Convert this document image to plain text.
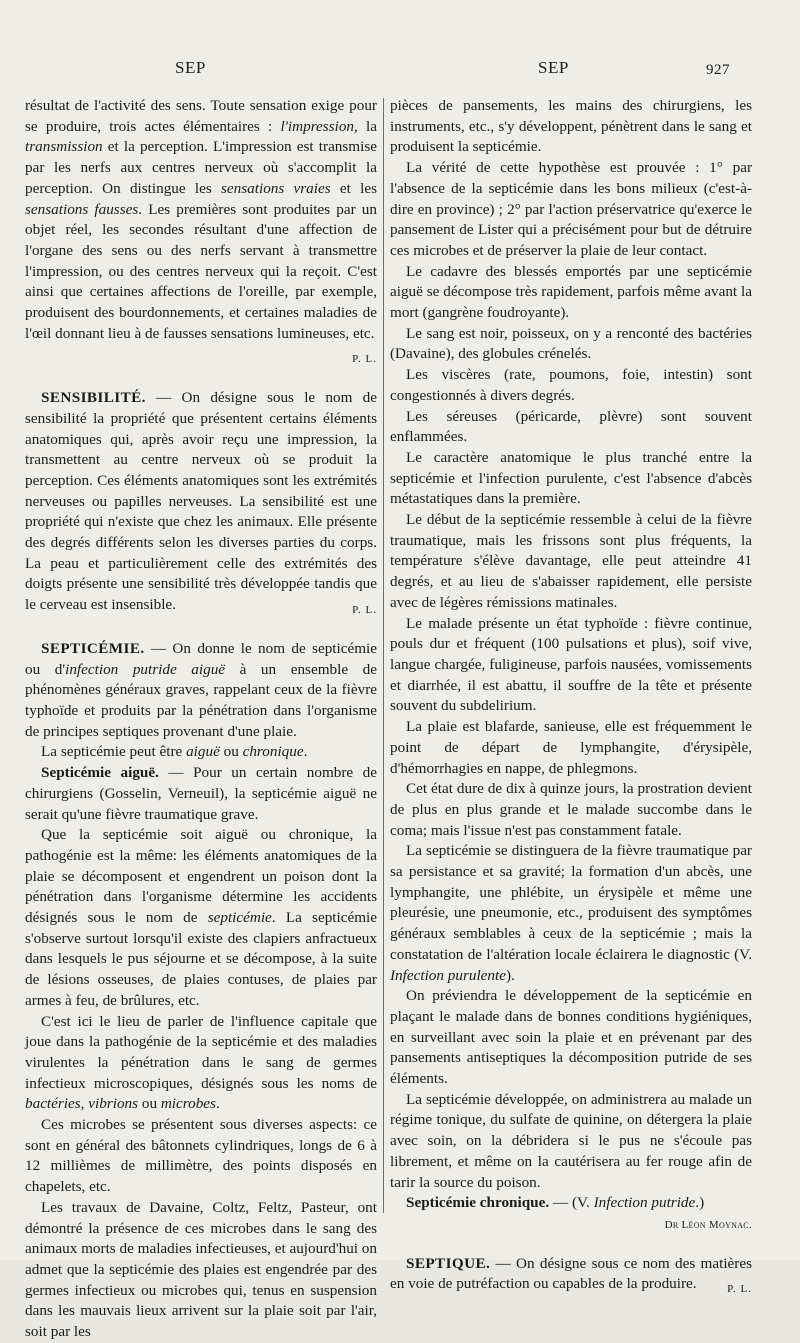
SEP	SEP	927

résultat de l'activité des sens. Toute sensation exige pour se produire, trois actes élémentaires : l'impression, la transmission et la perception. L'impression est transmise par les nerfs aux centres nerveux où s'accomplit la perception. On distingue les sensations vraies et les sensations fausses. Les premières sont produites par un objet réel, les secondes résultant d'une affection de l'organe des sens ou des nerfs servant à transmettre l'impression, ou des centres nerveux qui la reçoit. C'est ainsi que certaines affections de l'oreille, par exemple, produisent des bourdonnements, et certaines maladies de l'œil donnant lieu à de fausses sensations lumineuses, etc.
P. L.

SENSIBILITÉ. — On désigne sous le nom de sensibilité la propriété que présentent certains éléments anatomiques qui, après avoir reçu une impression, la transmettent au centre nerveux où se produit la perception. Ces éléments anatomiques sont les extrémités nerveuses ou papilles nerveuses. La sensibilité est une propriété qui n'existe que chez les animaux. Elle présente des degrés différents selon les diverses parties du corps. La peau et particulièrement celle des extrémités des doigts présente une sensibilité très développée tandis que le cerveau est insensible.	P. L.

SEPTICÉMIE. — On donne le nom de septicémie ou d'infection putride aiguë à un ensemble de phénomènes généraux graves, rappelant ceux de la fièvre typhoïde et produits par la pénétration dans l'organisme de principes septiques provenant d'une plaie.

La septicémie peut être aiguë ou chronique.

Septicémie aiguë. — Pour un certain nombre de chirurgiens (Gosselin, Verneuil), la septicémie aiguë ne serait qu'une fièvre traumatique grave.

Que la septicémie soit aiguë ou chronique, la pathogénie est la même: les éléments anatomiques de la plaie se décomposent et engendrent un poison dont la pénétration dans l'organisme détermine les accidents désignés sous le nom de septicémie. La septicémie s'observe surtout lorsqu'il existe des clapiers anfractueux dans lesquels le pus séjourne et se décompose, à la suite de lésions osseuses, de plaies contuses, de plaies par armes à feu, de brûlures, etc.

C'est ici le lieu de parler de l'influence capitale que joue dans la pathogénie de la septicémie et des maladies virulentes la pénétration dans le sang de germes infectieux microscopiques, désignés sous les noms de bactéries, vibrions ou microbes.

Ces microbes se présentent sous diverses aspects: ce sont en général des bâtonnets cylindriques, longs de 6 à 12 millièmes de millimètre, des points disposés en chapelets, etc.

Les travaux de Davaine, Coltz, Feltz, Pasteur, ont démontré la présence de ces microbes dans le sang des animaux morts de maladies infectieuses, et aujourd'hui on admet que la septicémie des plaies est engendrée par des germes infectieux ou microbes qui, tenus en suspension dans les mauvais lieux arrivent sur la plaie soit par l'air, soit par les

pièces de pansements, les mains des chirurgiens, les instruments, etc., s'y développent, pénètrent dans le sang et produisent la septicémie.

La vérité de cette hypothèse est prouvée : 1° par l'absence de la septicémie dans les bons milieux (c'est-à-dire en province) ; 2° par l'action préservatrice qu'exerce le pansement de Lister qui a précisément pour but de détruire ces microbes et de préserver la plaie de leur contact.

Le cadavre des blessés emportés par une septicémie aiguë se décompose très rapidement, parfois même avant la mort (gangrène foudroyante).

Le sang est noir, poisseux, on y a renconté des bactéries (Davaine), des globules crénelés.

Les viscères (rate, poumons, foie, intestin) sont congestionnés à divers degrés.

Les séreuses (péricarde, plèvre) sont souvent enflammées.

Le caractère anatomique le plus tranché entre la septicémie et l'infection purulente, c'est l'absence d'abcès métastatiques dans la première.

Le début de la septicémie ressemble à celui de la fièvre traumatique, mais les frissons sont plus fréquents, la température s'élève davantage, elle peut atteindre 41 degrés, et au lieu de s'abaisser rapidement, elle persiste avec de légères rémissions matinales.

Le malade présente un état typhoïde : fièvre continue, pouls dur et fréquent (100 pulsations et plus), soif vive, langue chargée, fuligineuse, parfois nausées, vomissements et diarrhée, il est abattu, il souffre de la tête et présente souvent du subdelirium.

La plaie est blafarde, sanieuse, elle est fréquemment le point de départ de lymphangite, d'érysipèle, d'hémorrhagies en nappe, de phlegmons.

Cet état dure de dix à quinze jours, la prostration devient de plus en plus grande et le malade succombe dans le coma; mais l'issue n'est pas constamment fatale.

La septicémie se distinguera de la fièvre traumatique par sa persistance et sa gravité; la formation d'un abcès, une lymphangite, une phlébite, un érysipèle et même une pleurésie, une pneumonie, etc., produisent des symptômes généraux semblables à ceux de la septicémie ; mais la constatation de l'altération locale éclairera le diagnostic (V. Infection purulente).

On préviendra le développement de la septicémie en plaçant le malade dans de bonnes conditions hygiéniques, en surveillant avec soin la plaie et en prévenant par des pansements antiseptiques la décomposition putride de ses éléments.

La septicémie développée, on administrera au malade un régime tonique, du sulfate de quinine, on détergera la plaie avec soin, on la débridera si le pus ne s'écoule pas librement, et même on la cautérisera au fer rouge afin de tarir la source du poison.

Septicémie chronique. — (V. Infection putride.)

Dr Léon Moynac.

SEPTIQUE. — On désigne sous ce nom des matières en voie de putréfaction ou capables de la produire.	P. L.
